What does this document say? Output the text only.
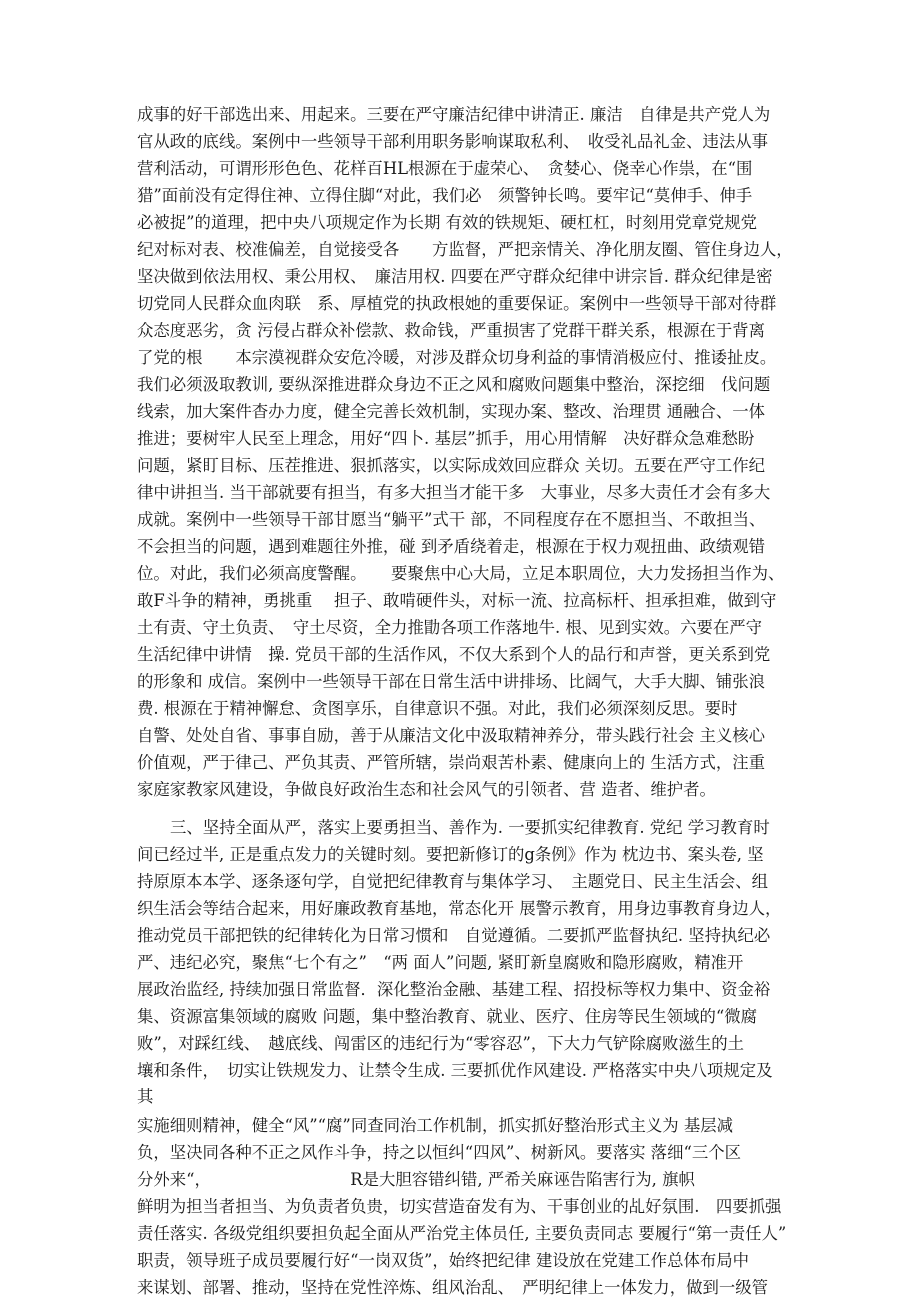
成事的好干部选出来、用起来。三要在严守廉洁纪律中讲清正. 廉洁　自律是共产党人为
官从政的底线。案例中一些领导干部利用职务影响谋取私利、　收受礼品礼金、违法从事
营利活动，可谓形形色色、花样百HL根源在于虚荣心、　贪婪心、侥幸心作祟，在“围
猎”面前没有定得住神、立得住脚“对此，我们必　须警钟长鸣。要牢记“莫伸手、伸手
必被捉”的道理，把中央八项规定作为长期 有效的铁规矩、硬杠杠，时刻用党章党规党
纪对标对表、校准偏差，自觉接受各　　方监督，严把亲情关、净化朋友圈、管住身边人，
坚决做到依法用权、秉公用权、　廉洁用权. 四要在严守群众纪律中讲宗旨. 群众纪律是密
切党同人民群众血肉联　系、厚植党的执政根她的重要保证。案例中一些领导干部对待群
众态度恶劣，贪 污侵占群众补偿款、救命钱，严重损害了党群干群关系，根源在于背离
了党的根　　本宗漠视群众安危冷暖，对涉及群众切身利益的事情消极应付、推诿扯皮。
我们必须汲取教训, 要纵深推进群众身边不正之风和腐败问题集中整治，深挖细　伐问题
线索，加大案件杳办力度，健全完善长效机制，实现办案、整改、治理贯 通融合、一体
推进；要树牢人民至上理念，用好“四卜. 基层”抓手，用心用情解　决好群众急难愁盼
问题，紧盯目标、压茬推进、狠抓落实，以实际成效回应群众 关切。五要在严守工作纪
律中讲担当. 当干部就要有担当，有多大担当才能干多　大事业，尽多大责任才会有多大
成就。案例中一些领导干部甘愿当“躺平”式干 部，不同程度存在不愿担当、不敢担当、
不会担当的问题，遇到难题往外推，碰 到矛盾绕着走，根源在于权力观扭曲、政绩观错
位。对此，我们必须高度警醒。　　要聚焦中心大局，立足本职周位，大力发扬担当作为、
敢F斗争的精神，勇挑重　 担子、敢啃硬件头，对标一流、拉高标杆、担承担难，做到守
土有责、守土负责、　守土尽资，全力推勖各项工作落地牛. 根、见到实效。六要在严守
生活纪律中讲情　操. 党员干部的生活作风，不仅大系到个人的品行和声誉，更关系到党
的形象和 成信。案例中一些领导干部在日常生活中讲排场、比阔气，大手大脚、铺张浪
费. 根源在于精神懈怠、贪图享乐，自律意识不强。对此，我们必须深刻反思。要时
自警、处处自省、事事自励，善于从廉洁文化中汲取精神养分，带头践行社会 主义核心
价值观，严于律己、严负其责、严管所辖，崇尚艰苦朴素、健康向上的 生活方式，注重
家庭家教家风建设，争做良好政治生态和社会风气的引领者、营 造者、维护者。
三、坚持全面从严，落实上要勇担当、善作为. 一要抓实纪律教育. 党纪 学习教育时
间已经过半, 正是重点发力的关键时刻。要把新修订的g条例》作为 枕边书、案头卷, 坚
持原原本本学、逐条逐句学，自觉把纪律教育与集体学习、　主题党日、民主生活会、组
织生活会等结合起来，用好廉政教育基地，常态化开 展警示教育，用身边事教育身边人，
推动党员干部把铁的纪律转化为日常习惯和　自觉遵循。二要抓严监督执纪. 坚持执纪必
严、违纪必究，聚焦“七个有之”　“两 面人”问题, 紧盯新皇腐败和隐形腐败，精准开
展政治监经, 持续加强日常监督．深化整治金融、基建工程、招投标等权力集中、资金裕
集、资源富集领域的腐败 问题，集中整治教育、就业、医疗、住房等民生领域的“微腐
败”，对踩红线、　越底线、闯雷区的违纪行为“零容忍”，下大力气铲除腐败滋生的土
壤和条件，　切实让铁规发力、让禁令生成. 三要抓优作风建设. 严格落实中央八项规定及
其
实施细则精神，健全“风”“腐”同查同治工作机制，抓实抓好整治形式主义为 基层减
负，坚决同各种不正之风作斗争，持之以恒纠“四风”、树新风。要落实 落细“三个区
分外来“，　　　　　　　　　R是大胆容错纠错, 严希关麻诬告陷害行为, 旗帜
鲜明为担当者担当、为负责者负贵，切实营造奋发有为、干事创业的乩好氛围.　四要抓强
责任落实. 各级党组织要担负起全面从严治党主体员任, 主要负责同志 要履行“第一责任人”
职责，领导班子成员要履行好“一岗双货”，始终把纪律 建设放在党建工作总体布局中
来谋划、部署、推动，坚持在党性淬炼、组风治乱、　严明纪律上一体发力，做到一级管
